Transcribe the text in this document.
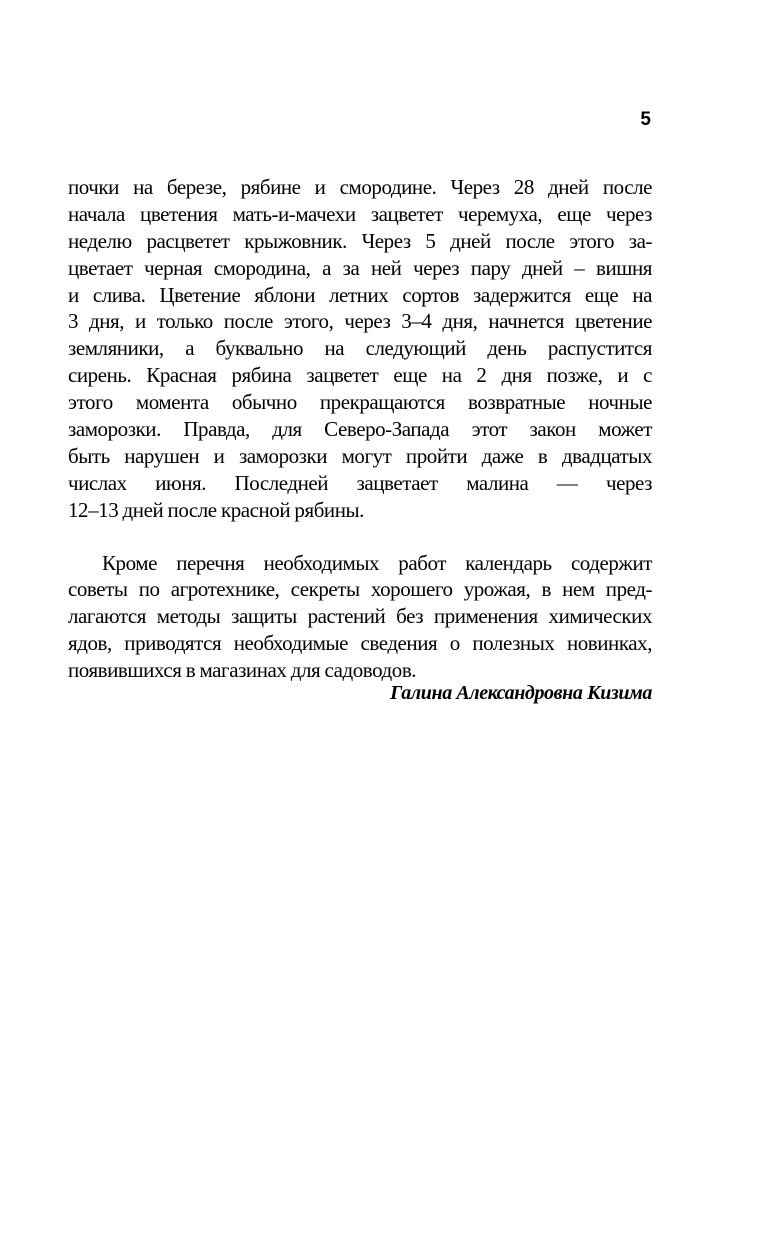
5
почки на березе, рябине и смородине. Через 28 дней после
начала цветения мать-и-мачехи зацветет черемуха, еще через
неделю расцветет крыжовник. Через 5 дней после этого за-
цветает черная смородина, а за ней через пару дней – вишня
и слива. Цветение яблони летних сортов задержится еще на
3 дня, и только после этого, через 3–4 дня, начнется цветение
земляники, а буквально на следующий день распустится
сирень. Красная рябина зацветет еще на 2 дня позже, и с
этого момента обычно прекращаются возвратные ночные
заморозки. Правда, для Северо-Запада этот закон может
быть нарушен и заморозки могут пройти даже в двадцатых
числах июня. Последней зацветает малина — через
12–13 дней после красной рябины.
Кроме перечня необходимых работ календарь содержит
советы по агротехнике, секреты хорошего урожая, в нем пред-
лагаются методы защиты растений без применения химических
ядов, приводятся необходимые сведения о полезных новинках,
появившихся в магазинах для садоводов.
Галина Александровна Кизима
